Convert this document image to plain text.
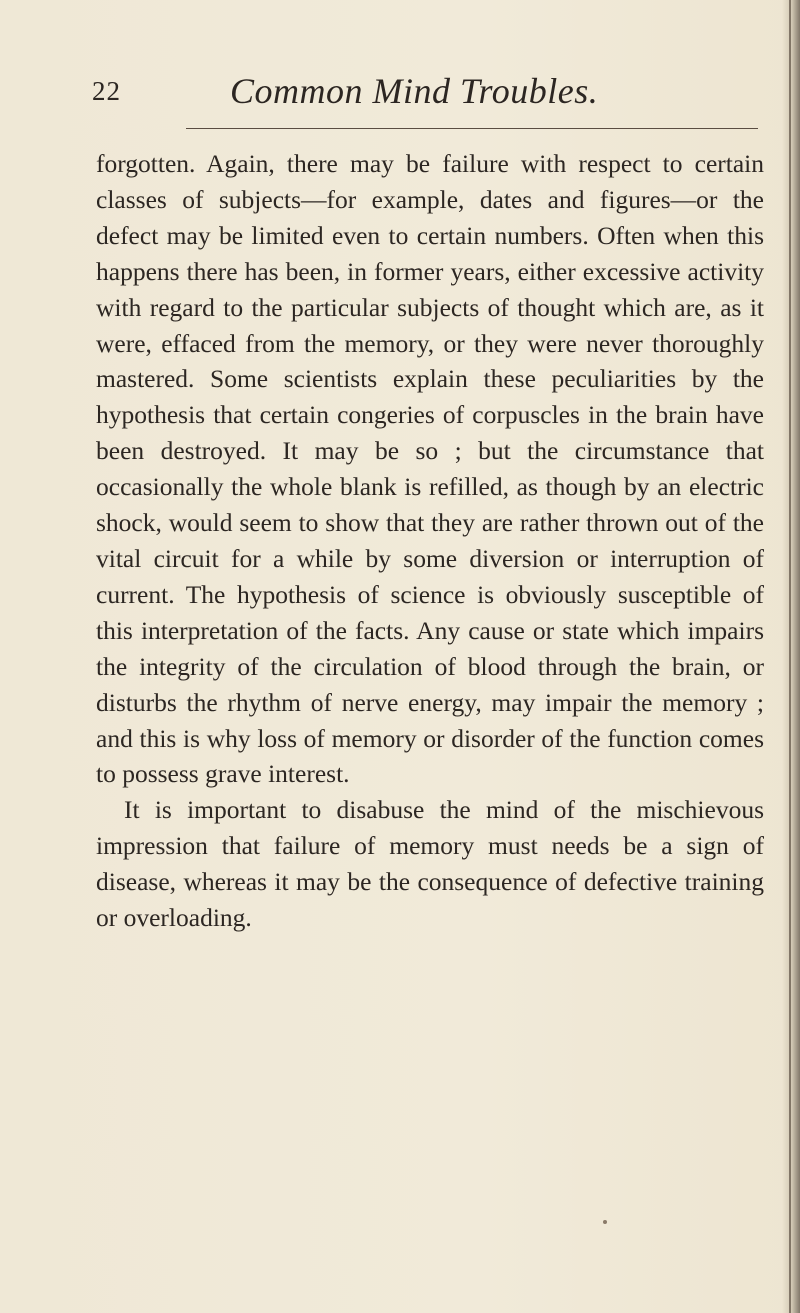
22	Common Mind Troubles.

forgotten. Again, there may be failure with respect to certain classes of subjects—for example, dates and figures—or the defect may be limited even to certain numbers. Often when this happens there has been, in former years, either excessive activity with regard to the particular subjects of thought which are, as it were, effaced from the memory, or they were never thoroughly mastered. Some scientists explain these peculiarities by the hypothesis that certain congeries of corpuscles in the brain have been destroyed. It may be so ; but the circumstance that occasionally the whole blank is refilled, as though by an electric shock, would seem to show that they are rather thrown out of the vital circuit for a while by some diversion or interruption of current. The hypothesis of science is obviously susceptible of this interpretation of the facts. Any cause or state which impairs the integrity of the circulation of blood through the brain, or disturbs the rhythm of nerve energy, may impair the memory ; and this is why loss of memory or disorder of the function comes to possess grave interest.

It is important to disabuse the mind of the mischievous impression that failure of memory must needs be a sign of disease, whereas it may be the consequence of defective training or overloading.
